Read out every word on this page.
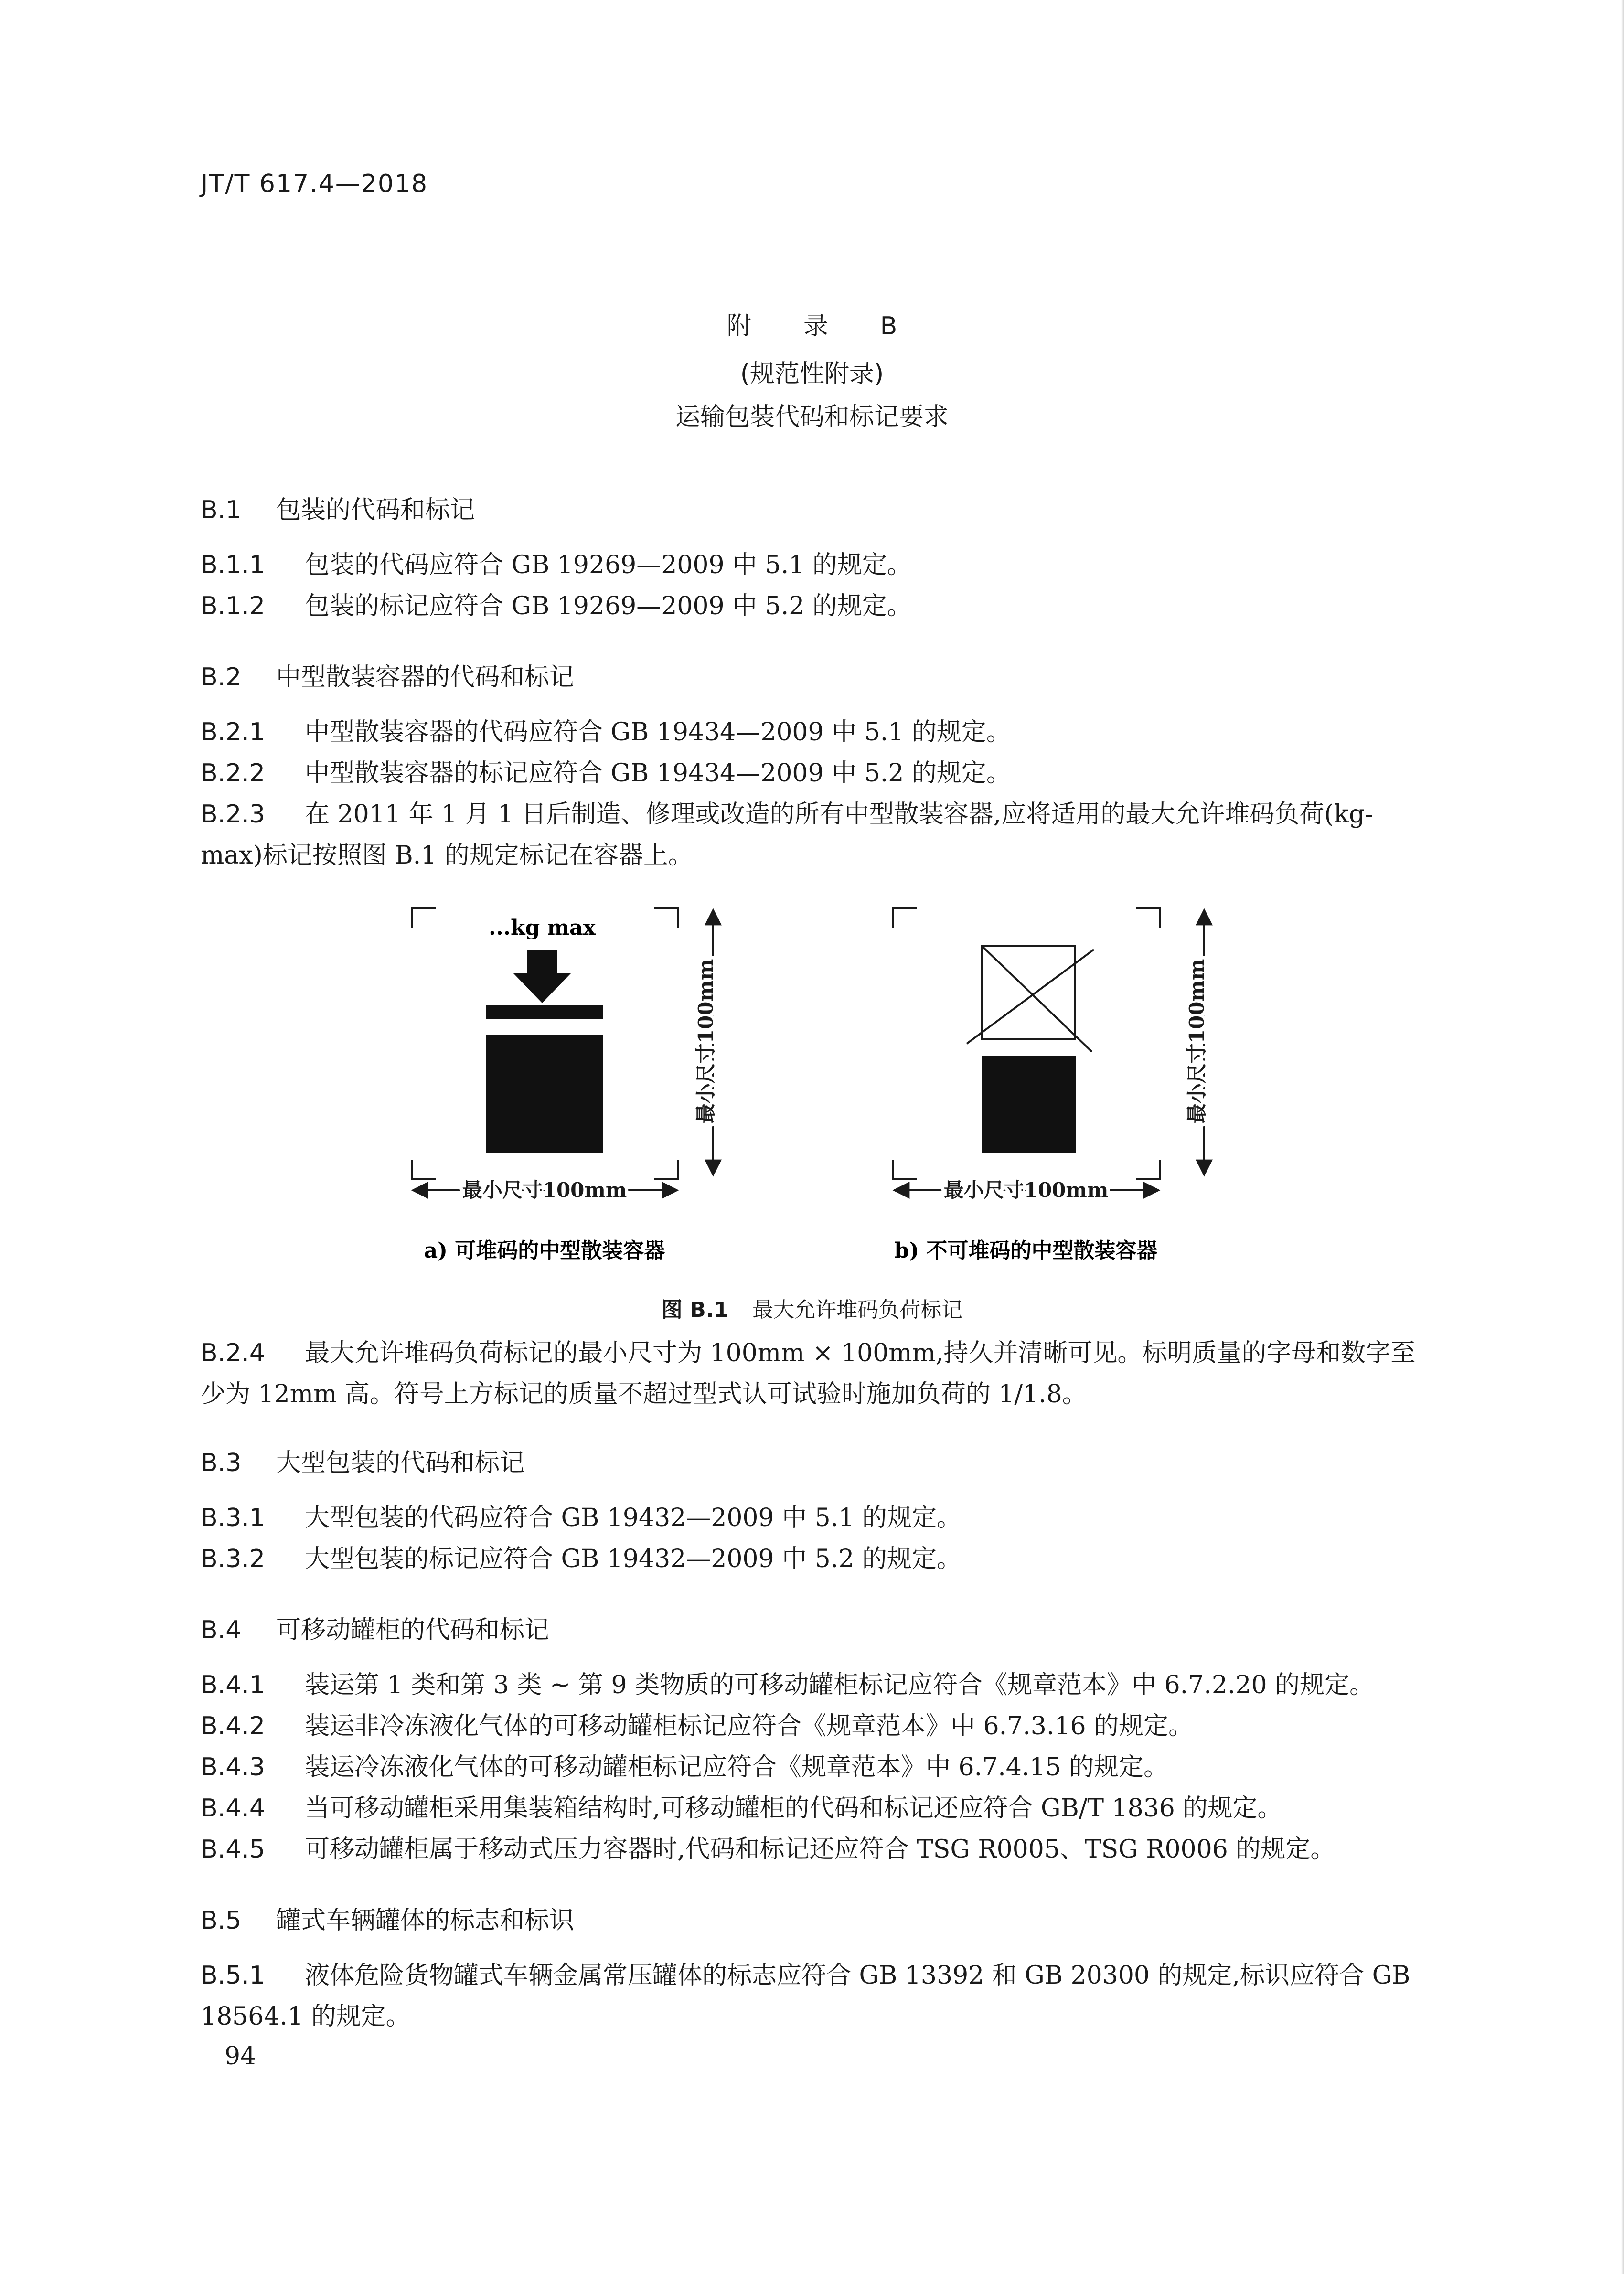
JT/T 617.4—2018
附 录 B
(规范性附录)
运输包装代码和标记要求
B.1 包装的代码和标记
B.1.1 包装的代码应符合 GB 19269—2009 中 5.1 的规定。
B.1.2 包装的标记应符合 GB 19269—2009 中 5.2 的规定。
B.2 中型散装容器的代码和标记
B.2.1 中型散装容器的代码应符合 GB 19434—2009 中 5.1 的规定。
B.2.2 中型散装容器的标记应符合 GB 19434—2009 中 5.2 的规定。
B.2.3 在 2011 年 1 月 1 日后制造、修理或改造的所有中型散装容器,应将适用的最大允许堆码负荷(kg-max)标记按照图 B.1 的规定标记在容器上。
...kg max
最小尺寸100mm
最小尺寸100mm
a) 可堆码的中型散装容器
最小尺寸100mm
最小尺寸100mm
b) 不可堆码的中型散装容器
图 B.1 最大允许堆码负荷标记
B.2.4 最大允许堆码负荷标记的最小尺寸为 100mm × 100mm,持久并清晰可见。标明质量的字母和数字至少为 12mm 高。符号上方标记的质量不超过型式认可试验时施加负荷的 1/1.8。
B.3 大型包装的代码和标记
B.3.1 大型包装的代码应符合 GB 19432—2009 中 5.1 的规定。
B.3.2 大型包装的标记应符合 GB 19432—2009 中 5.2 的规定。
B.4 可移动罐柜的代码和标记
B.4.1 装运第 1 类和第 3 类 ~ 第 9 类物质的可移动罐柜标记应符合《规章范本》中 6.7.2.20 的规定。
B.4.2 装运非冷冻液化气体的可移动罐柜标记应符合《规章范本》中 6.7.3.16 的规定。
B.4.3 装运冷冻液化气体的可移动罐柜标记应符合《规章范本》中 6.7.4.15 的规定。
B.4.4 当可移动罐柜采用集装箱结构时,可移动罐柜的代码和标记还应符合 GB/T 1836 的规定。
B.4.5 可移动罐柜属于移动式压力容器时,代码和标记还应符合 TSG R0005、TSG R0006 的规定。
B.5 罐式车辆罐体的标志和标识
B.5.1 液体危险货物罐式车辆金属常压罐体的标志应符合 GB 13392 和 GB 20300 的规定,标识应符合 GB 18564.1 的规定。
94
